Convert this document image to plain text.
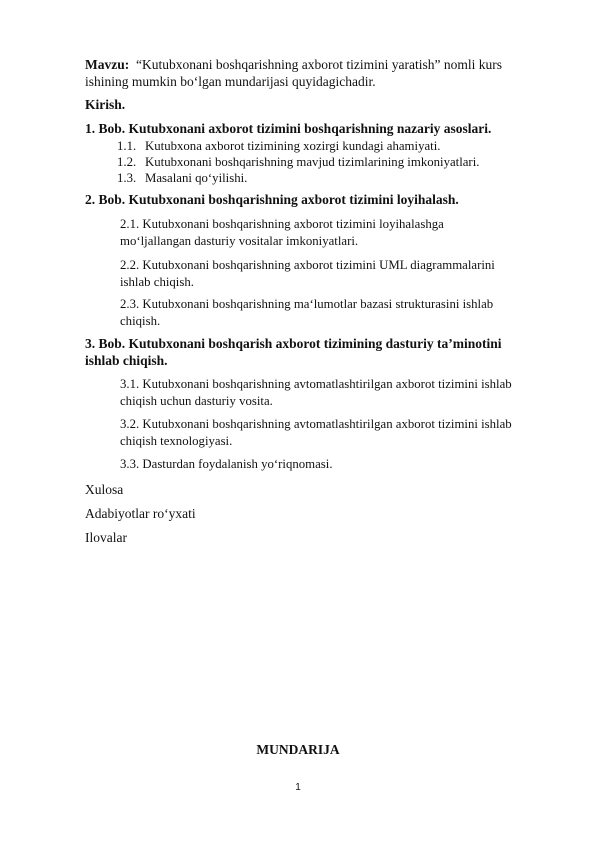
Mavzu: “Kutubxonani boshqarishning axborot tizimini yaratish” nomli kurs
ishining mumkin bo‘lgan mundarijasi quyidagichadir.
Kirish.
1. Bob. Kutubxonani axborot tizimini boshqarishning nazariy asoslari.
1.1. Kutubxona axborot tizimining xozirgi kundagi ahamiyati.
1.2. Kutubxonani boshqarishning mavjud tizimlarining imkoniyatlari.
1.3. Masalani qo‘yilishi.
2. Bob. Kutubxonani boshqarishning axborot tizimini loyihalash.
2.1. Kutubxonani boshqarishning axborot tizimini loyihalashga
mo‘ljallangan dasturiy vositalar imkoniyatlari.
2.2. Kutubxonani boshqarishning axborot tizimini UML diagrammalarini
ishlab chiqish.
2.3. Kutubxonani boshqarishning ma‘lumotlar bazasi strukturasini ishlab
chiqish.
3. Bob. Kutubxonani boshqarish axborot tizimining dasturiy ta’minotini
ishlab chiqish.
3.1. Kutubxonani boshqarishning avtomatlashtirilgan axborot tizimini ishlab
chiqish uchun dasturiy vosita.
3.2. Kutubxonani boshqarishning avtomatlashtirilgan axborot tizimini ishlab
chiqish texnologiyasi.
3.3. Dasturdan foydalanish yo‘riqnomasi.
Xulosa
Adabiyotlar ro‘yxati
Ilovalar
MUNDARIJA
1
